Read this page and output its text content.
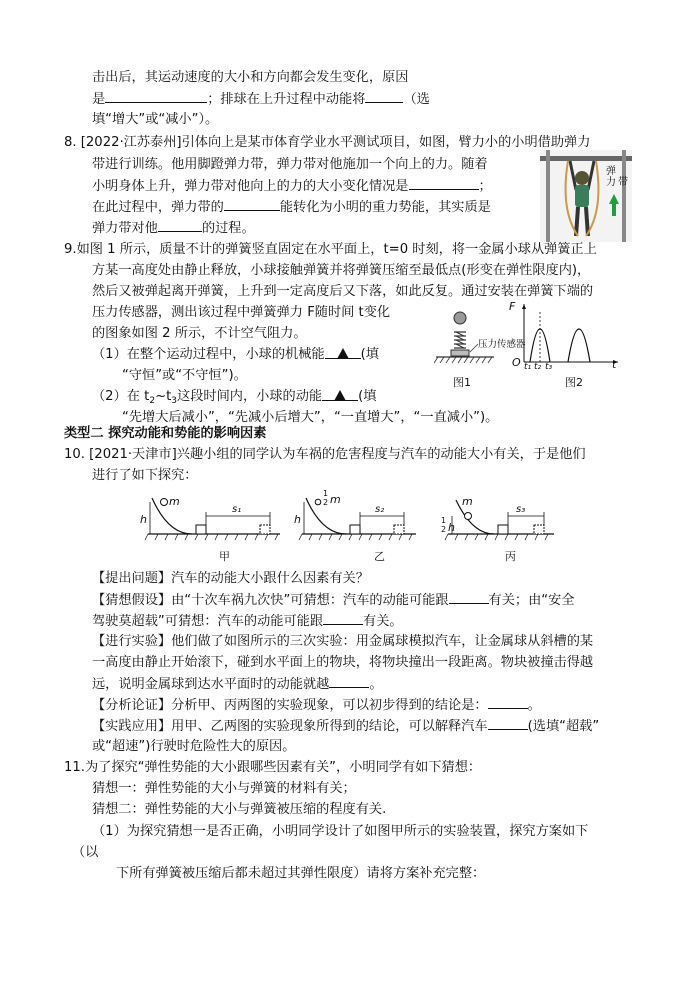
击出后，其运动速度的大小和方向都会发生变化，原因
是	；排球在上升过程中动能将	（选
填“增大”或“减小”）。
8. [2022·江苏泰州]引体向上是某市体育学业水平测试项目，如图，臂力小的小明借助弹力
带进行训练。他用脚蹬弹力带，弹力带对他施加一个向上的力。随着
小明身体上升，弹力带对他向上的力的大小变化情况是	；
在此过程中，弹力带的	能转化为小明的重力势能，其实质是
弹力带对他	的过程。
弹
力 带
9.如图 1 所示，质量不计的弹簧竖直固定在水平面上，t=0 时刻，将一金属小球从弹簧正上
方某一高度处由静止释放，小球接触弹簧并将弹簧压缩至最低点(形变在弹性限度内)，
然后又被弹起离开弹簧，上升到一定高度后又下落，如此反复。通过安装在弹簧下端的
压力传感器，测出该过程中弹簧弹力 F随时间 t变化
的图象如图 2 所示，不计空气阻力。
（1）在整个运动过程中，小球的机械能	(填
“守恒”或“不守恒”)。
（2）在 $t_2\sim t_3$这段时间内，小球的动能	(填
“先增大后减小”，“先减小后增大”，“一直增大”，“一直减小”)。
压力传感器
图1
F
t
O t₁ t₂ t₃
图2
类型二 探究动能和势能的影响因素
10. [2021·天津市]兴趣小组的同学认为车祸的危害程度与汽车的动能大小有关，于是他们
进行了如下探究：
m
h
s₁
甲
1
2 m
h
s₂
乙
m
1
2 h
s₃
丙
【提出问题】汽车的动能大小跟什么因素有关？
【猜想假设】由“十次车祸九次快”可猜想：汽车的动能可能跟	有关；由“安全
驾驶莫超载”可猜想：汽车的动能可能跟	有关。
【进行实验】他们做了如图所示的三次实验：用金属球模拟汽车，让金属球从斜槽的某
一高度由静止开始滚下，碰到水平面上的物块，将物块撞出一段距离。物块被撞击得越
远，说明金属球到达水平面时的动能就越	。
【分析论证】分析甲、丙两图的实验现象，可以初步得到的结论是：	。
【实践应用】用甲、乙两图的实验现象所得到的结论，可以解释汽车	(选填“超载”
或“超速”)行驶时危险性大的原因。
11.为了探究“弹性势能的大小跟哪些因素有关”，小明同学有如下猜想：
猜想一：弹性势能的大小与弹簧的材料有关；
猜想二：弹性势能的大小与弹簧被压缩的程度有关.
（1）为探究猜想一是否正确，小明同学设计了如图甲所示的实验装置，探究方案如下
（以
下所有弹簧被压缩后都未超过其弹性限度）请将方案补充完整：
